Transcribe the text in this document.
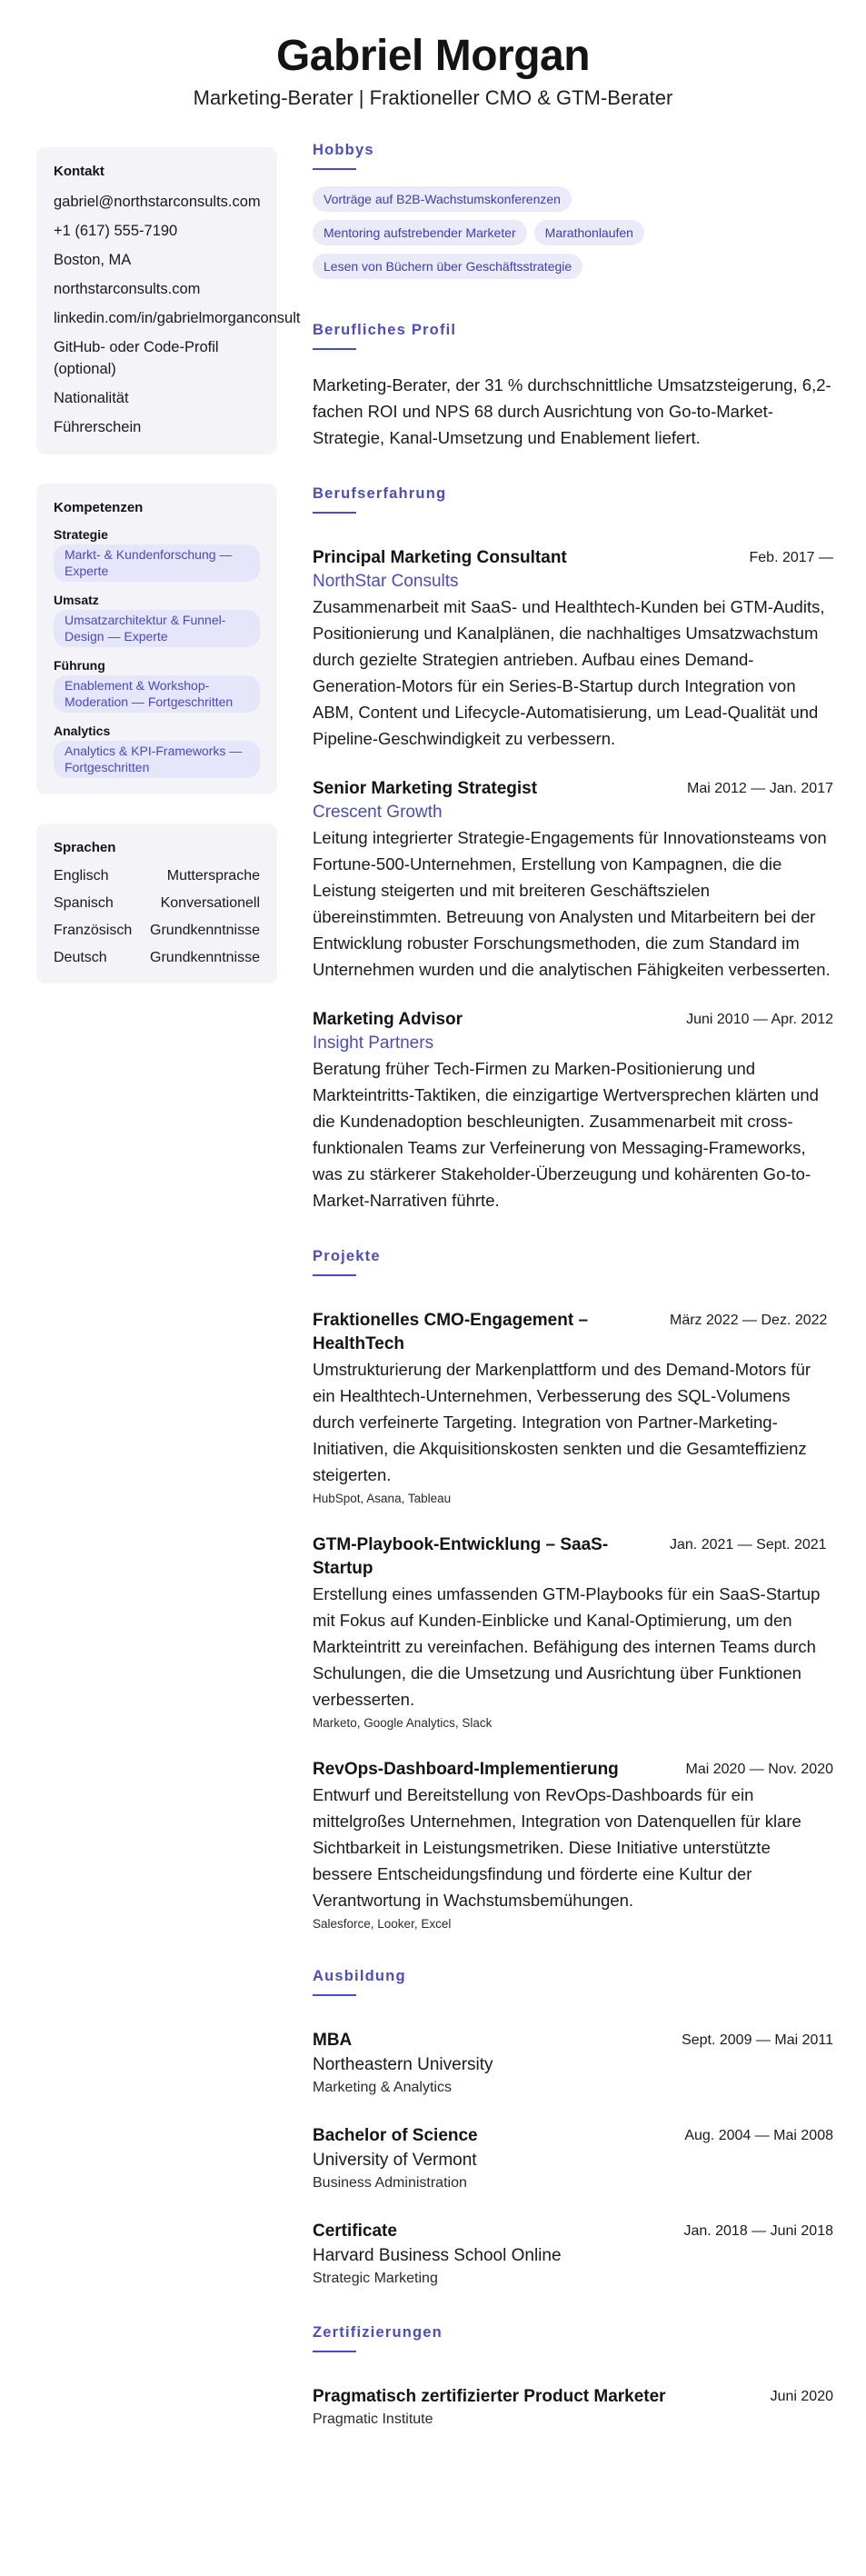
Gabriel Morgan
Marketing-Berater | Fraktioneller CMO & GTM-Berater
Kontakt
gabriel@northstarconsults.com
+1 (617) 555-7190
Boston, MA
northstarconsults.com
linkedin.com/in/gabrielmorganconsult
GitHub- oder Code-Profil (optional)
Nationalität
Führerschein
Kompetenzen
Strategie
Markt- & Kundenforschung — Experte
Umsatz
Umsatzarchitektur & Funnel-Design — Experte
Führung
Enablement & Workshop-Moderation — Fortgeschritten
Analytics
Analytics & KPI-Frameworks — Fortgeschritten
Sprachen
Englisch	Muttersprache
Spanisch	Konversationell
Französisch Grundkenntnisse
Deutsch	Grundkenntnisse
Hobbys
Vorträge auf B2B-Wachstumskonferenzen
Mentoring aufstrebender Marketer Marathonlaufen
Lesen von Büchern über Geschäftsstrategie
Berufliches Profil
Marketing-Berater, der 31 % durchschnittliche Umsatzsteigerung, 6,2-fachen ROI und NPS 68 durch Ausrichtung von Go-to-Market-Strategie, Kanal-Umsetzung und Enablement liefert.
Berufserfahrung
Principal Marketing Consultant	Feb. 2017 —
NorthStar Consults
Zusammenarbeit mit SaaS- und Healthtech-Kunden bei GTM-Audits, Positionierung und Kanalplänen, die nachhaltiges Umsatzwachstum durch gezielte Strategien antrieben. Aufbau eines Demand-Generation-Motors für ein Series-B-Startup durch Integration von ABM, Content und Lifecycle-Automatisierung, um Lead-Qualität und Pipeline-Geschwindigkeit zu verbessern.
Senior Marketing Strategist	Mai 2012 — Jan. 2017
Crescent Growth
Leitung integrierter Strategie-Engagements für Innovationsteams von Fortune-500-Unternehmen, Erstellung von Kampagnen, die die Leistung steigerten und mit breiteren Geschäftszielen übereinstimmten. Betreuung von Analysten und Mitarbeitern bei der Entwicklung robuster Forschungsmethoden, die zum Standard im Unternehmen wurden und die analytischen Fähigkeiten verbesserten.
Marketing Advisor	Juni 2010 — Apr. 2012
Insight Partners
Beratung früher Tech-Firmen zu Marken-Positionierung und Markteintritts-Taktiken, die einzigartige Wertversprechen klärten und die Kundenadoption beschleunigten. Zusammenarbeit mit cross-funktionalen Teams zur Verfeinerung von Messaging-Frameworks, was zu stärkerer Stakeholder-Überzeugung und kohärenten Go-to-Market-Narrativen führte.
Projekte
Fraktionelles CMO-Engagement – HealthTech
März 2022 — Dez. 2022
Umstrukturierung der Markenplattform und des Demand-Motors für ein Healthtech-Unternehmen, Verbesserung des SQL-Volumens durch verfeinerte Targeting. Integration von Partner-Marketing-Initiativen, die Akquisitionskosten senkten und die Gesamteffizienz steigerten.
HubSpot, Asana, Tableau
GTM-Playbook-Entwicklung – SaaS-Startup
Jan. 2021 — Sept. 2021
Erstellung eines umfassenden GTM-Playbooks für ein SaaS-Startup mit Fokus auf Kunden-Einblicke und Kanal-Optimierung, um den Markteintritt zu vereinfachen. Befähigung des internen Teams durch Schulungen, die die Umsetzung und Ausrichtung über Funktionen verbesserten.
Marketo, Google Analytics, Slack
RevOps-Dashboard-Implementierung	Mai 2020 — Nov. 2020
Entwurf und Bereitstellung von RevOps-Dashboards für ein mittelgroßes Unternehmen, Integration von Datenquellen für klare Sichtbarkeit in Leistungsmetriken. Diese Initiative unterstützte bessere Entscheidungsfindung und förderte eine Kultur der Verantwortung in Wachstumsbemühungen.
Salesforce, Looker, Excel
Ausbildung
MBA	Sept. 2009 — Mai 2011
Northeastern University
Marketing & Analytics
Bachelor of Science	Aug. 2004 — Mai 2008
University of Vermont
Business Administration
Certificate	Jan. 2018 — Juni 2018
Harvard Business School Online
Strategic Marketing
Zertifizierungen
Pragmatisch zertifizierter Product Marketer	Juni 2020
Pragmatic Institute
